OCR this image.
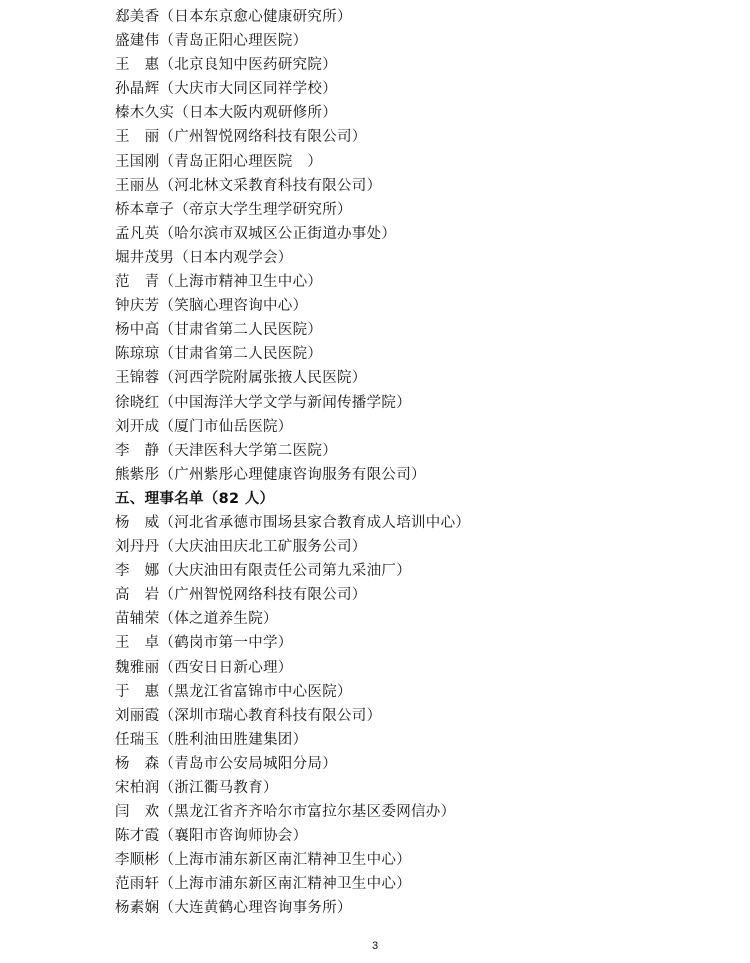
郄美香（日本东京愈心健康研究所）
盛建伟（青岛正阳心理医院）
王　惠（北京良知中医药研究院）
孙晶辉（大庆市大同区同祥学校）
榛木久实（日本大阪内观研修所）
王　丽（广州智悦网络科技有限公司）
王国刚（青岛正阳心理医院　）
王丽丛（河北林文采教育科技有限公司）
桥本章子（帝京大学生理学研究所）
孟凡英（哈尔滨市双城区公正街道办事处）
堀井茂男（日本内观学会）
范　青（上海市精神卫生中心）
钟庆芳（笑脑心理咨询中心）
杨中高（甘肃省第二人民医院）
陈琼琼（甘肃省第二人民医院）
王锦蓉（河西学院附属张掖人民医院）
徐晓红（中国海洋大学文学与新闻传播学院）
刘开成（厦门市仙岳医院）
李　静（天津医科大学第二医院）
熊紫彤（广州紫彤心理健康咨询服务有限公司）
五、理事名单（82 人）
杨　威（河北省承德市围场县家合教育成人培训中心）
刘丹丹（大庆油田庆北工矿服务公司）
李　娜（大庆油田有限责任公司第九采油厂）
高　岩（广州智悦网络科技有限公司）
苗辅荣（体之道养生院）
王　卓（鹤岗市第一中学）
魏雅丽（西安日日新心理）
于　惠（黑龙江省富锦市中心医院）
刘丽霞（深圳市瑞心教育科技有限公司）
任瑞玉（胜利油田胜建集团）
杨　森（青岛市公安局城阳分局）
宋柏润（浙江衢马教育）
闫　欢（黑龙江省齐齐哈尔市富拉尔基区委网信办）
陈才霞（襄阳市咨询师协会）
李顺彬（上海市浦东新区南汇精神卫生中心）
范雨轩（上海市浦东新区南汇精神卫生中心）
杨素娴（大连黄鹤心理咨询事务所）
3
